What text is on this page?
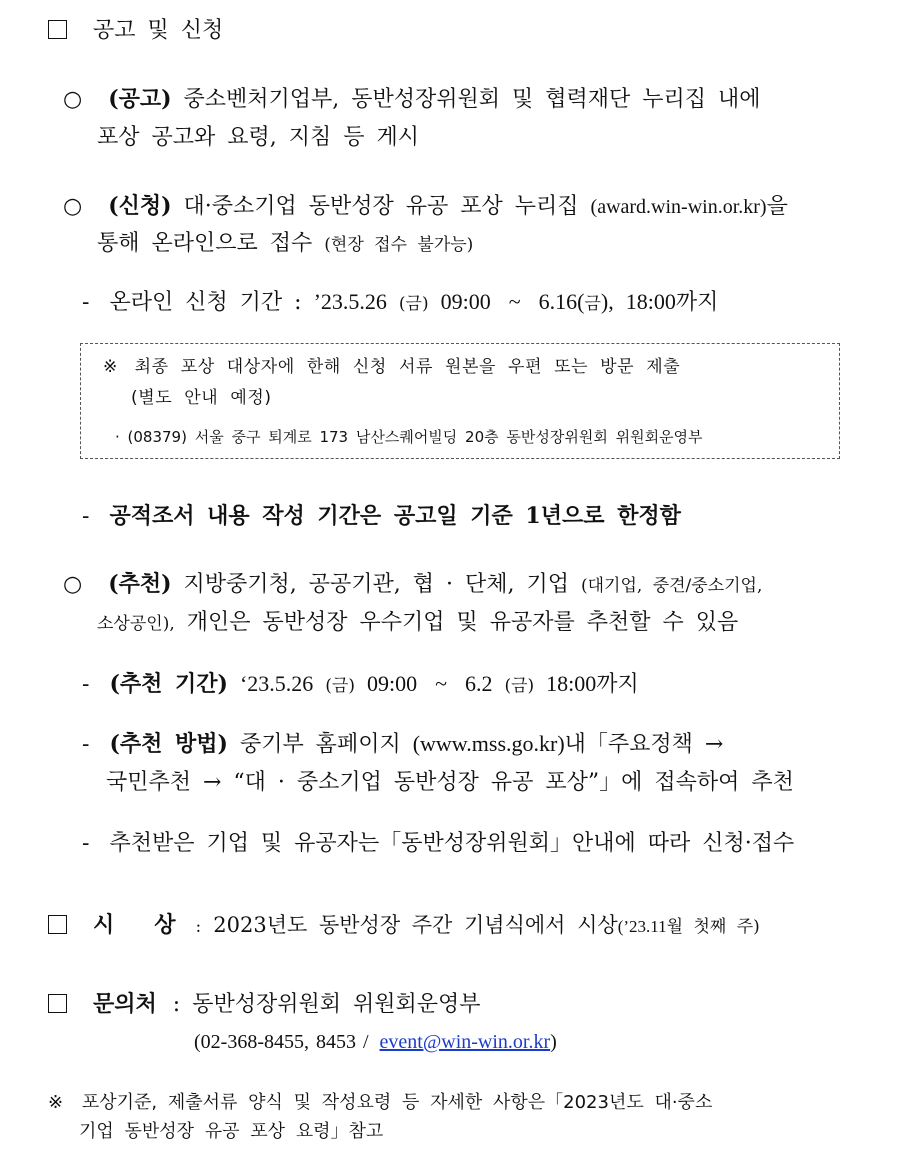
공고 및 신청
○ (공고) 중소벤처기업부, 동반성장위원회 및 협력재단 누리집 내에
포상 공고와 요령, 지침 등 게시
○ (신청) 대·중소기업 동반성장 유공 포상 누리집 (award.win-win.or.kr)을
통해 온라인으로 접수 (현장 접수 불가능)
- 온라인 신청 기간 : ’23.5.26 (금) 09:00 ~ 6.16(금), 18:00까지
※ 최종 포상 대상자에 한해 신청 서류 원본을 우편 또는 방문 제출
(별도 안내 예정)
· (08379) 서울 중구 퇴계로 173 남산스퀘어빌딩 20층 동반성장위원회 위원회운영부
- 공적조서 내용 작성 기간은 공고일 기준 1년으로 한정함
○ (추천) 지방중기청, 공공기관, 협 · 단체, 기업 (대기업, 중견/중소기업,
소상공인), 개인은 동반성장 우수기업 및 유공자를 추천할 수 있음
- (추천 기간) ‘23.5.26 (금) 09:00 ~ 6.2 (금) 18:00까지
- (추천 방법) 중기부 홈페이지 (www.mss.go.kr)내「주요정책 →
국민추천 → “대 · 중소기업 동반성장 유공 포상”」에 접속하여 추천
- 추천받은 기업 및 유공자는「동반성장위원회」안내에 따라 신청·접수
시 상 : 2023년도 동반성장 주간 기념식에서 시상(’23.11월 첫째 주)
문의처 : 동반성장위원회 위원회운영부
(02-368-8455, 8453 / event@win-win.or.kr)
※ 포상기준, 제출서류 양식 및 작성요령 등 자세한 사항은「2023년도 대·중소
기업 동반성장 유공 포상 요령」참고
